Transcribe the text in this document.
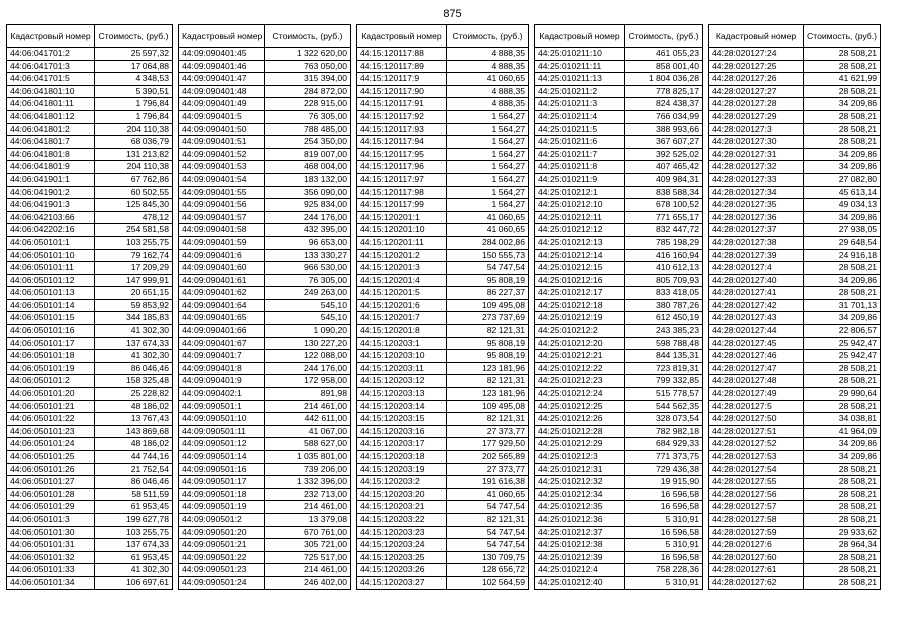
875
Кадастровый номер	Стоимость, (руб.)
44:06:041701:2	25 597,32
44:06:041701:3	17 064,88
44:06:041701:5	4 348,53
44:06:041801:10	5 390,51
44:06:041801:11	1 796,84
44:06:041801:12	1 796,84
44:06:041801:2	204 110,38
44:06:041801:7	68 036,79
44:06:041801:8	131 213,82
44:06:041801:9	204 110,38
44:06:041901:1	67 762,86
44:06:041901:2	60 502,55
44:06:041901:3	125 845,30
44:06:042103:66	478,12
44:06:042202:16	254 581,58
44:06:050101:1	103 255,75
44:06:050101:10	79 162,74
44:06:050101:11	17 209,29
44:06:050101:12	147 999,91
44:06:050101:13	20 651,15
44:06:050101:14	59 853,92
44:06:050101:15	344 185,83
44:06:050101:16	41 302,30
44:06:050101:17	137 674,33
44:06:050101:18	41 302,30
44:06:050101:19	86 046,46
44:06:050101:2	158 325,48
44:06:050101:20	25 228,82
44:06:050101:21	48 186,02
44:06:050101:22	13 767,43
44:06:050101:23	143 869,68
44:06:050101:24	48 186,02
44:06:050101:25	44 744,16
44:06:050101:26	21 752,54
44:06:050101:27	86 046,46
44:06:050101:28	58 511,59
44:06:050101:29	61 953,45
44:06:050101:3	199 627,78
44:06:050101:30	103 255,75
44:06:050101:31	137 674,33
44:06:050101:32	61 953,45
44:06:050101:33	41 302,30
44:06:050101:34	106 697,61
Кадастровый номер	Стоимость, (руб.)
44:09:090401:45	1 322 620,00
44:09:090401:46	763 050,00
44:09:090401:47	315 394,00
44:09:090401:48	284 872,00
44:09:090401:49	228 915,00
44:09:090401:5	76 305,00
44:09:090401:50	788 485,00
44:09:090401:51	254 350,00
44:09:090401:52	819 007,00
44:09:090401:53	468 004,00
44:09:090401:54	183 132,00
44:09:090401:55	356 090,00
44:09:090401:56	925 834,00
44:09:090401:57	244 176,00
44:09:090401:58	432 395,00
44:09:090401:59	96 653,00
44:09:090401:6	133 330,27
44:09:090401:60	966 530,00
44:09:090401:61	76 305,00
44:09:090401:62	249 263,00
44:09:090401:64	545,10
44:09:090401:65	545,10
44:09:090401:66	1 090,20
44:09:090401:67	130 227,20
44:09:090401:7	122 088,00
44:09:090401:8	244 176,00
44:09:090401:9	172 958,00
44:09:090402:1	891,98
44:09:090501:1	214 461,00
44:09:090501:10	442 611,00
44:09:090501:11	41 067,00
44:09:090501:12	588 627,00
44:09:090501:14	1 035 801,00
44:09:090501:16	739 206,00
44:09:090501:17	1 332 396,00
44:09:090501:18	232 713,00
44:09:090501:19	214 461,00
44:09:090501:2	13 379,08
44:09:090501:20	670 761,00
44:09:090501:21	305 721,00
44:09:090501:22	725 517,00
44:09:090501:23	214 461,00
44:09:090501:24	246 402,00
Кадастровый номер	Стоимость, (руб.)
44:15:120117:88	4 888,35
44:15:120117:89	4 888,35
44:15:120117:9	41 060,65
44:15:120117:90	4 888,35
44:15:120117:91	4 888,35
44:15:120117:92	1 564,27
44:15:120117:93	1 564,27
44:15:120117:94	1 564,27
44:15:120117:95	1 564,27
44:15:120117:96	1 564,27
44:15:120117:97	1 564,27
44:15:120117:98	1 564,27
44:15:120117:99	1 564,27
44:15:120201:1	41 060,65
44:15:120201:10	41 060,65
44:15:120201:11	284 002,86
44:15:120201:2	150 555,73
44:15:120201:3	54 747,54
44:15:120201:4	95 808,19
44:15:120201:5	86 227,37
44:15:120201:6	109 495,08
44:15:120201:7	273 737,69
44:15:120201:8	82 121,31
44:15:120203:1	95 808,19
44:15:120203:10	95 808,19
44:15:120203:11	123 181,96
44:15:120203:12	82 121,31
44:15:120203:13	123 181,96
44:15:120203:14	109 495,08
44:15:120203:15	82 121,31
44:15:120203:16	27 373,77
44:15:120203:17	177 929,50
44:15:120203:18	202 565,89
44:15:120203:19	27 373,77
44:15:120203:2	191 616,38
44:15:120203:20	41 060,65
44:15:120203:21	54 747,54
44:15:120203:22	82 121,31
44:15:120203:23	54 747,54
44:15:120203:24	54 747,54
44:15:120203:25	130 709,75
44:15:120203:26	128 656,72
44:15:120203:27	102 564,59
Кадастровый номер	Стоимость, (руб.)
44:25:010211:10	461 055,23
44:25:010211:11	858 001,40
44:25:010211:13	1 804 036,28
44:25:010211:2	778 825,17
44:25:010211:3	824 438,37
44:25:010211:4	766 034,99
44:25:010211:5	388 993,66
44:25:010211:6	367 607,27
44:25:010211:7	392 525,02
44:25:010211:8	407 465,42
44:25:010211:9	409 984,31
44:25:010212:1	838 588,34
44:25:010212:10	678 100,52
44:25:010212:11	771 655,17
44:25:010212:12	832 447,72
44:25:010212:13	785 198,29
44:25:010212:14	416 160,94
44:25:010212:15	410 612,13
44:25:010212:16	805 709,93
44:25:010212:17	833 418,05
44:25:010212:18	380 787,26
44:25:010212:19	612 450,19
44:25:010212:2	243 385,23
44:25:010212:20	598 788,48
44:25:010212:21	844 135,31
44:25:010212:22	723 819,31
44:25:010212:23	799 332,85
44:25:010212:24	515 778,57
44:25:010212:25	544 562,35
44:25:010212:26	328 073,54
44:25:010212:28	782 982,18
44:25:010212:29	684 929,33
44:25:010212:3	771 373,75
44:25:010212:31	729 436,38
44:25:010212:32	19 915,90
44:25:010212:34	16 596,58
44:25:010212:35	16 596,58
44:25:010212:36	5 310,91
44:25:010212:37	16 596,58
44:25:010212:38	5 310,91
44:25:010212:39	16 596,58
44:25:010212:4	758 228,36
44:25:010212:40	5 310,91
Кадастровый номер	Стоимость, (руб.)
44:28:020127:24	28 508,21
44:28:020127:25	28 508,21
44:28:020127:26	41 621,99
44:28:020127:27	28 508,21
44:28:020127:28	34 209,86
44:28:020127:29	28 508,21
44:28:020127:3	28 508,21
44:28:020127:30	28 508,21
44:28:020127:31	34 209,86
44:28:020127:32	34 209,86
44:28:020127:33	27 082,80
44:28:020127:34	45 613,14
44:28:020127:35	49 034,13
44:28:020127:36	34 209,86
44:28:020127:37	27 938,05
44:28:020127:38	29 648,54
44:28:020127:39	24 916,18
44:28:020127:4	28 508,21
44:28:020127:40	34 209,86
44:28:020127:41	28 508,21
44:28:020127:42	31 701,13
44:28:020127:43	34 209,86
44:28:020127:44	22 806,57
44:28:020127:45	25 942,47
44:28:020127:46	25 942,47
44:28:020127:47	28 508,21
44:28:020127:48	28 508,21
44:28:020127:49	29 990,64
44:28:020127:5	28 508,21
44:28:020127:50	34 038,81
44:28:020127:51	41 964,09
44:28:020127:52	34 209,86
44:28:020127:53	34 209,86
44:28:020127:54	28 508,21
44:28:020127:55	28 508,21
44:28:020127:56	28 508,21
44:28:020127:57	28 508,21
44:28:020127:58	28 508,21
44:28:020127:59	29 933,62
44:28:020127:6	28 964,34
44:28:020127:60	28 508,21
44:28:020127:61	28 508,21
44:28:020127:62	28 508,21
